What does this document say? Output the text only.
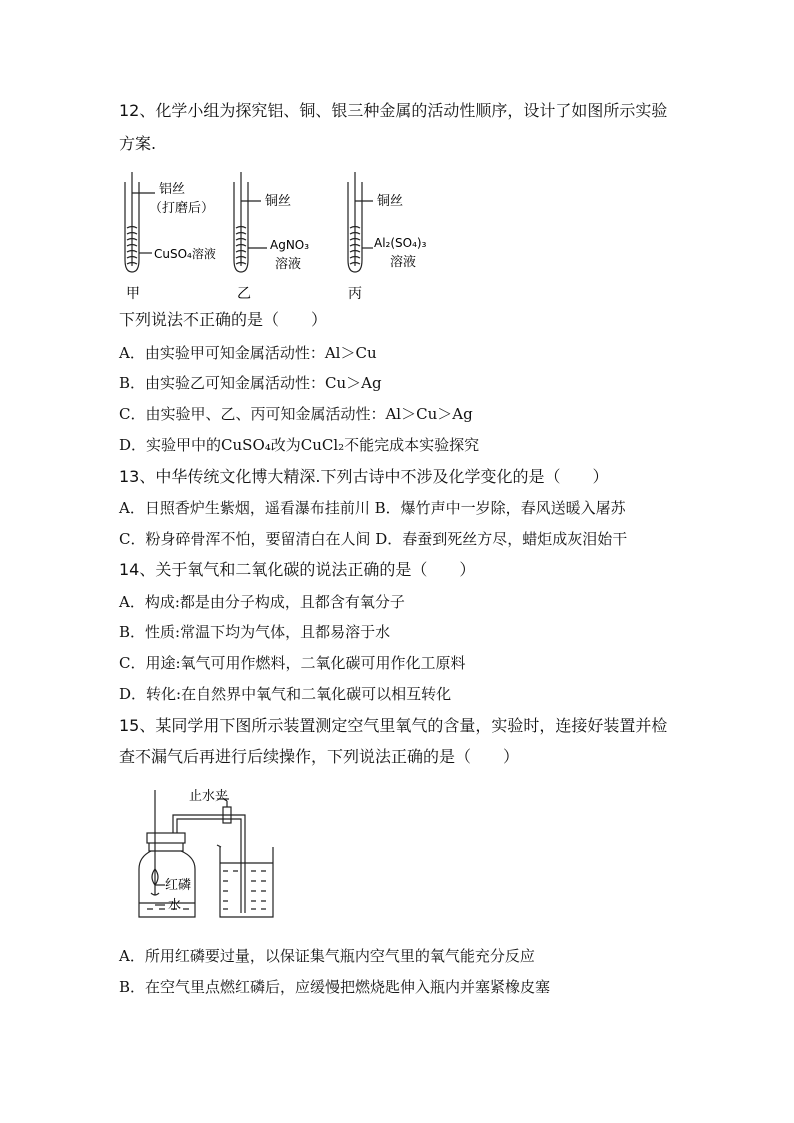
12、化学小组为探究铝、铜、银三种金属的活动性顺序，设计了如图所示实验
方案.
铝丝
（打磨后）
CuSO₄溶液
甲
铜丝
AgNO₃
溶液
乙
铜丝
Al₂(SO₄)₃
溶液
丙
下列说法不正确的是（　　）
A．由实验甲可知金属活动性：Al＞Cu
B．由实验乙可知金属活动性：Cu＞Ag
C．由实验甲、乙、丙可知金属活动性：Al＞Cu＞Ag
D．实验甲中的CuSO₄改为CuCl₂不能完成本实验探究
13、中华传统文化博大精深.下列古诗中不涉及化学变化的是（　　）
A．日照香炉生紫烟，遥看瀑布挂前川 B．爆竹声中一岁除，春风送暖入屠苏
C．粉身碎骨浑不怕，要留清白在人间 D．春蚕到死丝方尽，蜡炬成灰泪始干
14、关于氧气和二氧化碳的说法正确的是（　　）
A．构成:都是由分子构成，且都含有氧分子
B．性质:常温下均为气体，且都易溶于水
C．用途:氧气可用作燃料，二氧化碳可用作化工原料
D．转化:在自然界中氧气和二氧化碳可以相互转化
15、某同学用下图所示装置测定空气里氧气的含量，实验时，连接好装置并检
查不漏气后再进行后续操作，下列说法正确的是（　　）
止水夹
红磷
水
A．所用红磷要过量，以保证集气瓶内空气里的氧气能充分反应
B．在空气里点燃红磷后，应缓慢把燃烧匙伸入瓶内并塞紧橡皮塞
